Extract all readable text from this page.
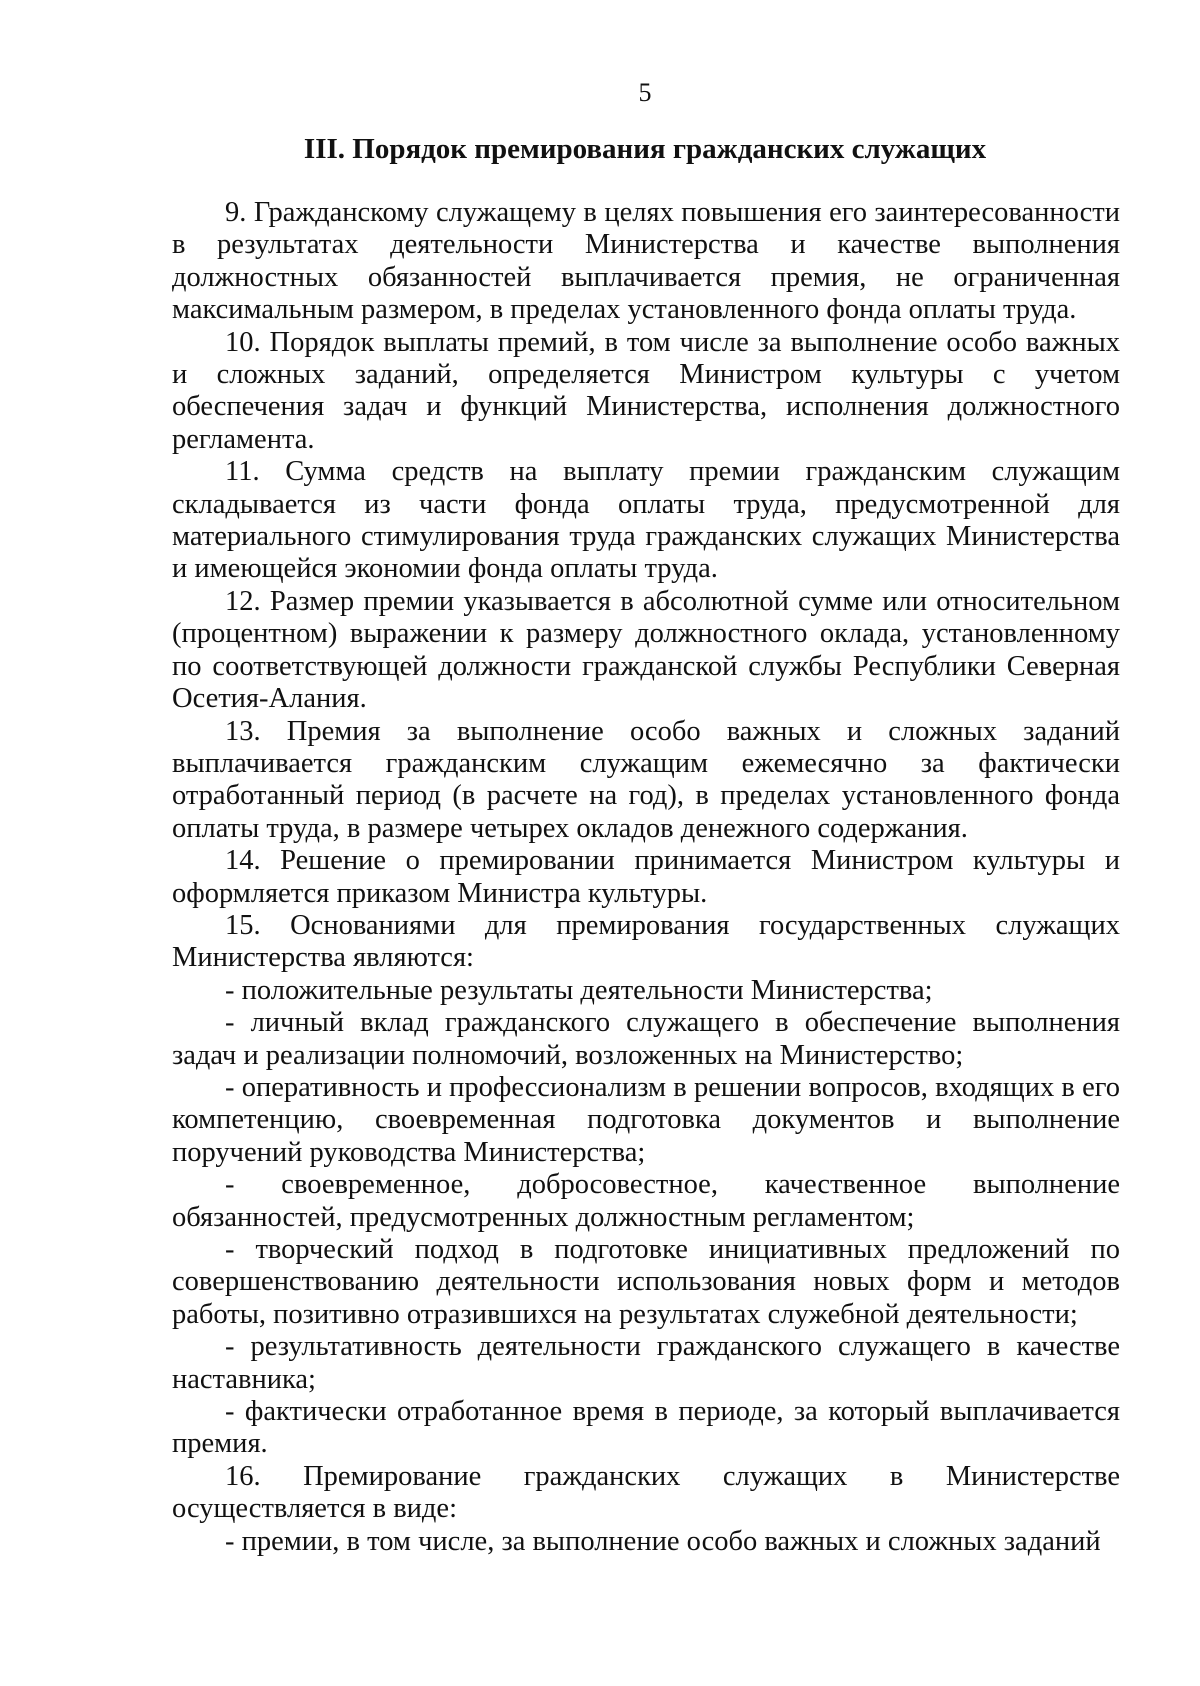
5
III. Порядок премирования гражданских служащих

9. Гражданскому служащему в целях повышения его заинтересованности в результатах деятельности Министерства и качестве выполнения должностных обязанностей выплачивается премия, не ограниченная максимальным размером, в пределах установленного фонда оплаты труда.

10. Порядок выплаты премий, в том числе за выполнение особо важных и сложных заданий, определяется Министром культуры с учетом обеспечения задач и функций Министерства, исполнения должностного регламента.

11. Сумма средств на выплату премии гражданским служащим складывается из части фонда оплаты труда, предусмотренной для материального стимулирования труда гражданских служащих Министерства и имеющейся экономии фонда оплаты труда.

12. Размер премии указывается в абсолютной сумме или относительном (процентном) выражении к размеру должностного оклада, установленному по соответствующей должности гражданской службы Республики Северная Осетия-Алания.

13. Премия за выполнение особо важных и сложных заданий выплачивается гражданским служащим ежемесячно за фактически отработанный период (в расчете на год), в пределах установленного фонда оплаты труда, в размере четырех окладов денежного содержания.

14. Решение о премировании принимается Министром культуры и оформляется приказом Министра культуры.

15. Основаниями для премирования государственных служащих Министерства являются:

- положительные результаты деятельности Министерства;

- личный вклад гражданского служащего в обеспечение выполнения задач и реализации полномочий, возложенных на Министерство;

- оперативность и профессионализм в решении вопросов, входящих в его компетенцию, своевременная подготовка документов и выполнение поручений руководства Министерства;

- своевременное, добросовестное, качественное выполнение обязанностей, предусмотренных должностным регламентом;

- творческий подход в подготовке инициативных предложений по совершенствованию деятельности использования новых форм и методов работы, позитивно отразившихся на результатах служебной деятельности;

- результативность деятельности гражданского служащего в качестве наставника;

- фактически отработанное время в периоде, за который выплачивается премия.

16. Премирование гражданских служащих в Министерстве осуществляется в виде:

- премии, в том числе, за выполнение особо важных и сложных заданий
